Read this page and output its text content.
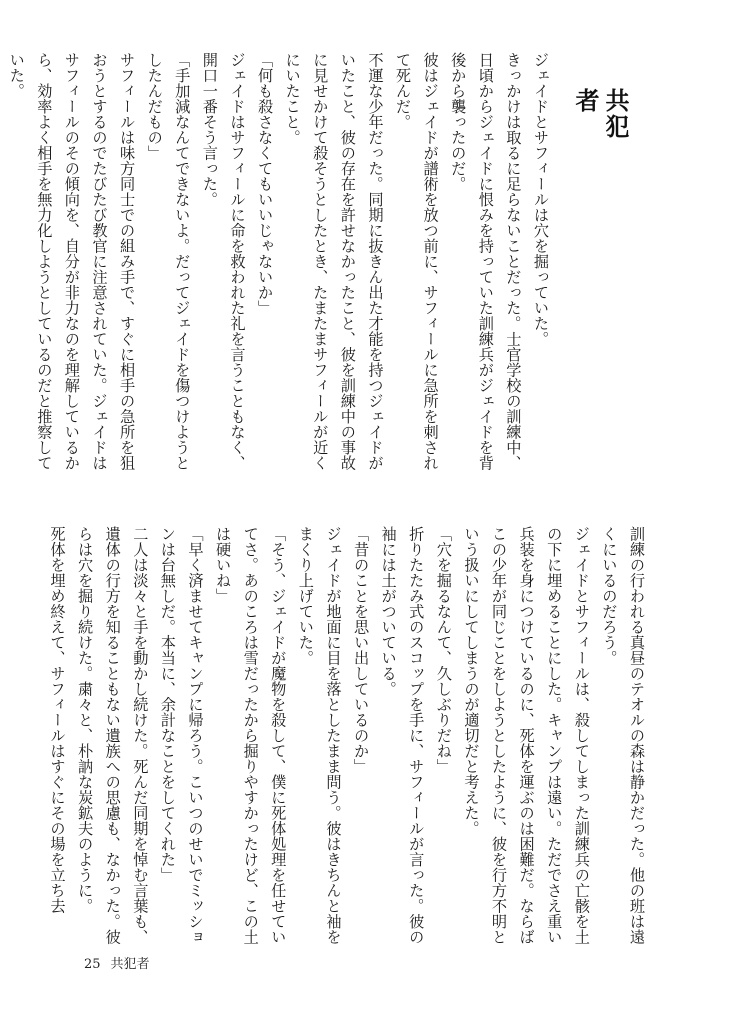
共犯者

ジェイドとサフィールは穴を掘っていた。

きっかけは取るに足らないことだった。士官学校の訓練中、日頃からジェイドに恨みを持っていた訓練兵がジェイドを背後から襲ったのだ。

彼はジェイドが譜術を放つ前に、サフィールに急所を刺されて死んだ。

不運な少年だった。同期に抜きん出た才能を持つジェイドがいたこと、彼の存在を許せなかったこと、彼を訓練中の事故に見せかけて殺そうとしたとき、たまたまサフィールが近くにいたこと。

「何も殺さなくてもいいじゃないか」

ジェイドはサフィールに命を救われた礼を言うこともなく、開口一番そう言った。

「手加減なんてできないよ。だってジェイドを傷つけようとしたんだもの」

サフィールは味方同士での組み手で、すぐに相手の急所を狙おうとするのでたびたび教官に注意されていた。ジェイドはサフィールのその傾向を、自分が非力なのを理解しているから、効率よく相手を無力化しようとしているのだと推察していた。

訓練の行われる真昼のテオルの森は静かだった。他の班は遠くにいるのだろう。

ジェイドとサフィールは、殺してしまった訓練兵の亡骸を土の下に埋めることにした。キャンプは遠い。ただでさえ重い兵装を身につけているのに、死体を運ぶのは困難だ。ならばこの少年が同じことをしようとしたように、彼を行方不明という扱いにしてしまうのが適切だと考えた。

「穴を掘るなんて、久しぶりだね」

折りたたみ式のスコップを手に、サフィールが言った。彼の袖には土がついている。

「昔のことを思い出しているのか」

ジェイドが地面に目を落としたまま問う。彼はきちんと袖をまくり上げていた。

「そう、ジェイドが魔物を殺して、僕に死体処理を任せていてさ。あのころは雪だったから掘りやすかったけど、この土は硬いね」

「早く済ませてキャンプに帰ろう。こいつのせいでミッションは台無しだ。本当に、余計なことをしてくれた」

二人は淡々と手を動かし続けた。死んだ同期を悼む言葉も、遺体の行方を知ることもない遺族への思慮も、なかった。彼らは穴を掘り続けた。粛々と、朴訥な炭鉱夫のように。

死体を埋め終えて、サフィールはすぐにその場を立ち去

25 共犯者
